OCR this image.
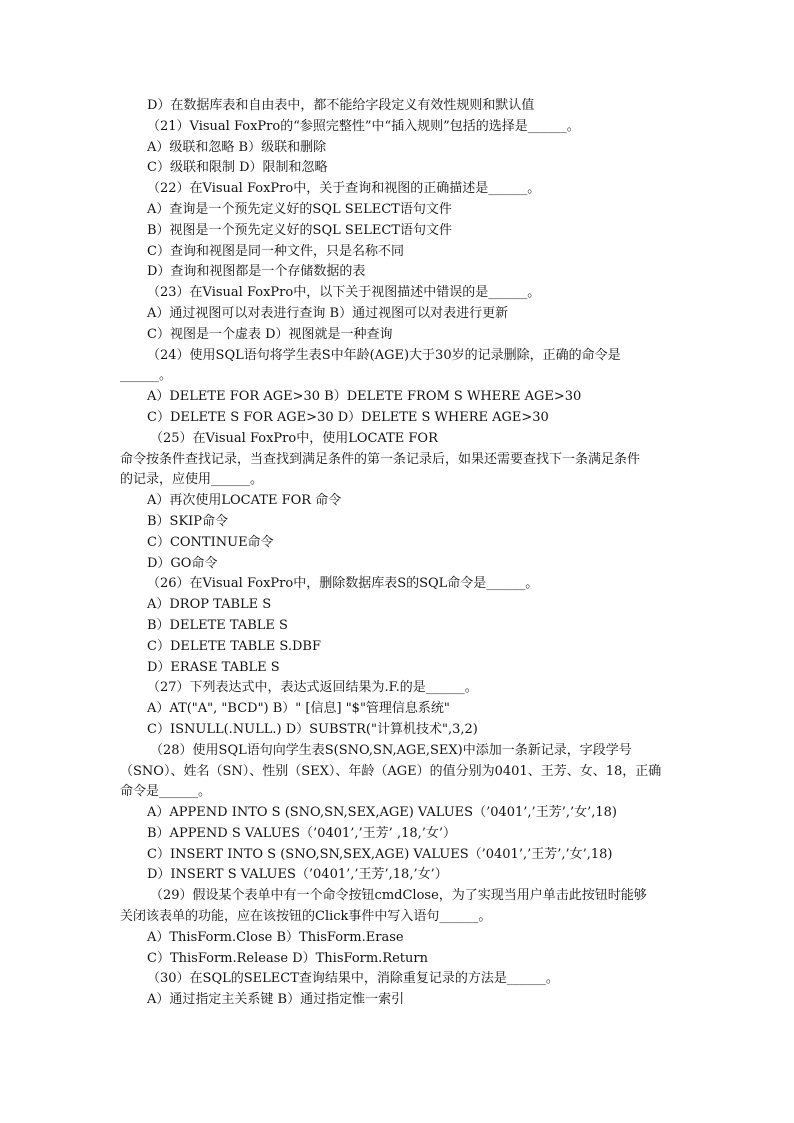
D）在数据库表和自由表中，都不能给字段定义有效性规则和默认值
（21）Visual FoxPro的“参照完整性”中“插入规则”包括的选择是______。
A）级联和忽略 B）级联和删除
C）级联和限制 D）限制和忽略
（22）在Visual FoxPro中，关于查询和视图的正确描述是______。
A）查询是一个预先定义好的SQL SELECT语句文件
B）视图是一个预先定义好的SQL SELECT语句文件
C）查询和视图是同一种文件，只是名称不同
D）查询和视图都是一个存储数据的表
（23）在Visual FoxPro中，以下关于视图描述中错误的是______。
A）通过视图可以对表进行查询 B）通过视图可以对表进行更新
C）视图是一个虚表 D）视图就是一种查询
（24）使用SQL语句将学生表S中年龄(AGE)大于30岁的记录删除，正确的命令是
______。
A）DELETE FOR AGE>30 B）DELETE FROM S WHERE AGE>30
C）DELETE S FOR AGE>30 D）DELETE S WHERE AGE>30
（25）在Visual FoxPro中，使用LOCATE FOR
命令按条件查找记录，当查找到满足条件的第一条记录后，如果还需要查找下一条满足条件
的记录，应使用______。
A）再次使用LOCATE FOR 命令
B）SKIP命令
C）CONTINUE命令
D）GO命令
（26）在Visual FoxPro中，删除数据库表S的SQL命令是______。
A）DROP TABLE S
B）DELETE TABLE S
C）DELETE TABLE S.DBF
D）ERASE TABLE S
（27）下列表达式中，表达式返回结果为.F.的是______。
A）AT("A", "BCD") B）" [信息] "$"管理信息系统"
C）ISNULL(.NULL.) D）SUBSTR("计算机技术",3,2)
（28）使用SQL语句向学生表S(SNO,SN,AGE,SEX)中添加一条新记录，字段学号
（SNO）、姓名（SN）、性别（SEX）、年龄（AGE）的值分别为0401、王芳、女、18，正确
命令是______。
A）APPEND INTO S (SNO,SN,SEX,AGE) VALUES（’0401’,’王芳’,’女’,18)
B）APPEND S VALUES（’0401’,’王芳’ ,18,’女’）
C）INSERT INTO S (SNO,SN,SEX,AGE) VALUES（’0401’,’王芳’,’女’,18)
D）INSERT S VALUES（’0401’,’王芳’,18,’女’）
（29）假设某个表单中有一个命令按钮cmdClose，为了实现当用户单击此按钮时能够
关闭该表单的功能，应在该按钮的Click事件中写入语句______。
A）ThisForm.Close B）ThisForm.Erase
C）ThisForm.Release D）ThisForm.Return
（30）在SQL的SELECT查询结果中，消除重复记录的方法是______。
A）通过指定主关系键 B）通过指定惟一索引
